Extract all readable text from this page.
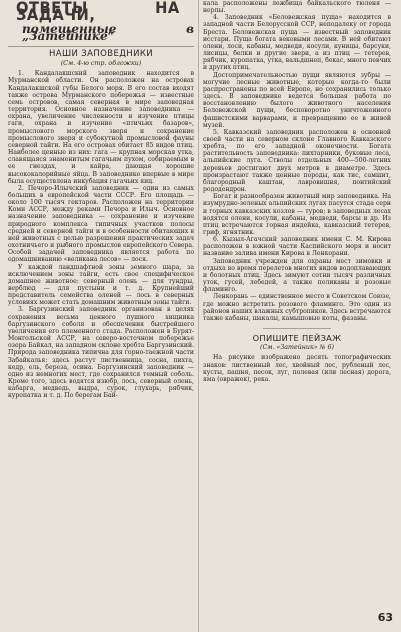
ОТВЕТЫ НА ЗАДАЧИ,
помещенные в „Затейнике“
НАШИ ЗАПОВЕДНИКИ
(См. 4-ю стр. обложки)

1. Кандалакшский заповедник находится в Мурманской области. Он расположен на островах Кандалакшской губы Белого моря. В его состав входят также острова Мурманского побережья — известные семь островов, самая северная в мире заповедная территория. Основное назначение заповедника — охрана, увеличение численности и изучение птицы гаги, охрана и изучение «птичьих базаров», промыслового морского зверя и сохранение промыслового зверя и субокутной промысловой фауны северной тайги. На его островах обитает 85 видов птиц. Наиболее ценные из них: гага — крупная морская утка, славящаяся знаменитым гагачьим пухом, собираемым в ее гнездах, и кайра, дающая хорошие высококалорийные яйца. В заповеднике впервые в мире была осуществлена инкубация гагачьих яиц.

2. Печоро-Илычский заповедник — один из самых больших в европейской части СССР. Его площадь — около 100 тысяч гектаров. Расположен на территории Коми АССР, между реками Печора и Илыч. Основное назначение заповедника — сохранение и изучение природного комплекса типичных участков полосы средней и северной тайги и в особенности обитающих в ней животных с целью разрешения практических задач охотничьего и рыбного промыслов европейского Севера. Особой задачей заповедника является работа по одомашниванию «великана лесов» — лося.

У каждой ландшафтной зоны земного шара, за исключением зоны тайги, есть свое специфическое домашнее животное: северный олень — для тундры, верблюд — для пустыни и т. д. Крупнейший представитель семейства оленей — лось в северных условиях может стать домашним животным зоны тайги.

3. Баргузинский заповедник организован в целях сохранения весьма ценного пушного хищника баргузинского соболя и обеспечения быстрейшего увеличения его племенного стада. Расположен в Бурят-Монгольской АССР, на северо-восточном побережье озера Байкал, на западном склоне хребта Баргузинский. Природа заповедника типична для горно-таежной части Забайкалья: здесь растут лиственница, сосна, пихта, кедр, ель, береза, осина. Баргузинский заповедник — одно из немногих мест, где сохранился темный соболь. Кроме того, здесь водятся изюбр, лось, северный олень, кабарга, медведь, выдра, сурок, глухарь, рябчик, куропатка и т. д. По берегам Бай-

кала расположены лежбища байкальского тюленя — нерпы.

4. Заповедник «Беловежская пуща» находится в западной части Белорусской ССР, неподалеку от города Бреста. Беловежская пуща — известный заповедник исстари. Пуща богата вековыми лесами. В ней обитают олени, лоси, кабаны, медведи, косули, куницы, барсуки, лисицы, белки и другие звери, а из птиц — тетерев, рябчик, куропатка, утка, вальдшнеп, бекас, много певчих и других птиц.

Достопримечательностью пущи являются зубры — могучие лесные животные, которые когда-то были распространены по всей Европе, но сохранились только здесь. В заповеднике ведется большая работа по восстановлению былого животного населения Беловежской пущи, бесповоротно уничтоженного фашистскими варварами, и превращению ее в живой музей.

5. Кавказский заповедник расположен в основной своей части на северном склоне Главного Кавказского хребта, по его западной оконечности. Богата растительность заповедника: пихтарники, буковые леса, альпийские луга. Стволы отдельных 400—500-летних деревьев достигают двух метров в диаметре. Здесь произрастают также ценные породы, как тис, самшит, благородный каштан, лавровишня, понтийский рододендрон.

Богат и разнообразен животный мир заповедника. На изумрудно-зеленых альпийских лугах пасутся стада серн и горных кавказских козлов — туров; в заповедных лесах водятся олени, косули, кабаны, медведи, барсы и др. Из птиц встречаются горная индейка, кавказский тетерев, гриф, ягнятник.

6. Кызыл-Агачский заповедник имени С. М. Кирова расположен в южной части Каспийского моря и носит название залива имени Кирова в Ленкорани.

Заповедник учрежден для охраны мест зимовки и отдыха во время перелетов многих видов водоплавающих и болотных птиц. Здесь зимуют сотни тысяч различных уток, гусей, лебедей, а также пеликаны и розовые фламинго.

Ленкорань — единственное место в Советском Союзе, где можно встретить розового фламинго. Это один из районов наших влажных субтропиков. Здесь встречаются также кабаны, шакалы, камышовые коты, фазаны.

ОПИШИТЕ ПЕЙЗАЖ
(См. «Затейник» № 6)

На рисунке изображено десять топографических знаков: лиственный лес, хвойный лес, рубленый лес, кусты, пашня, песок, луг, полевая (или лесная) дорога, яма (овражек), река.

63
